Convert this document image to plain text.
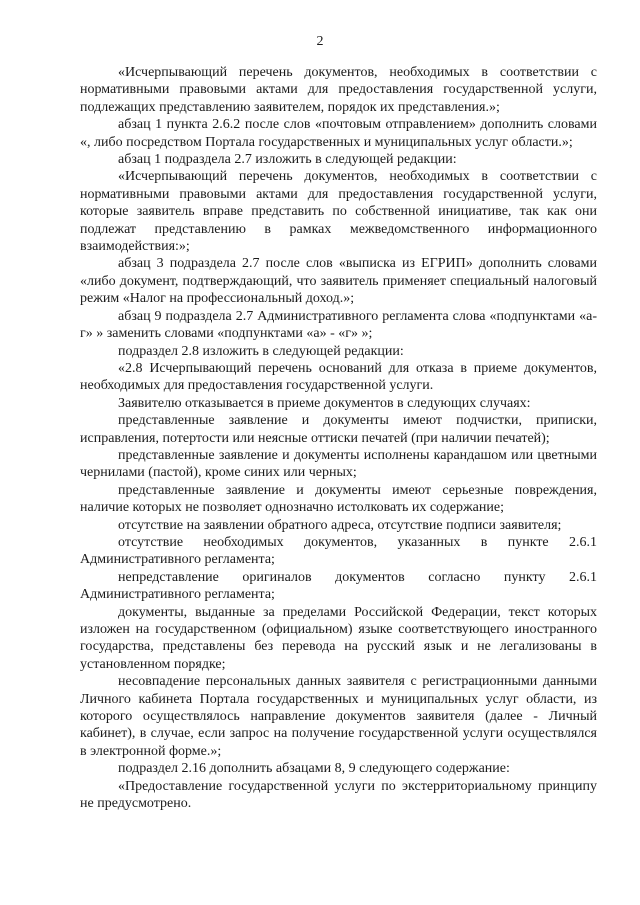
2

«Исчерпывающий перечень документов, необходимых в соответствии с нормативными правовыми актами для предоставления государственной услуги, подлежащих представлению заявителем, порядок их представления.»;

абзац 1 пункта 2.6.2 после слов «почтовым отправлением» дополнить словами «, либо посредством Портала государственных и муниципальных услуг области.»;

абзац 1 подраздела 2.7 изложить в следующей редакции:

«Исчерпывающий перечень документов, необходимых в соответствии с нормативными правовыми актами для предоставления государственной услуги, которые заявитель вправе представить по собственной инициативе, так как они подлежат представлению в рамках межведомственного информационного взаимодействия:»;

абзац 3 подраздела 2.7 после слов «выписка из ЕГРИП» дополнить словами «либо документ, подтверждающий, что заявитель применяет специальный налоговый режим «Налог на профессиональный доход.»;

абзац 9 подраздела 2.7 Административного регламента слова «подпунктами «а-г» » заменить словами «подпунктами «а» - «г» »;

подраздел 2.8 изложить в следующей редакции:

«2.8 Исчерпывающий перечень оснований для отказа в приеме документов, необходимых для предоставления государственной услуги.

Заявителю отказывается в приеме документов в следующих случаях:

представленные заявление и документы имеют подчистки, приписки, исправления, потертости или неясные оттиски печатей (при наличии печатей);

представленные заявление и документы исполнены карандашом или цветными чернилами (пастой), кроме синих или черных;

представленные заявление и документы имеют серьезные повреждения, наличие которых не позволяет однозначно истолковать их содержание;

отсутствие на заявлении обратного адреса, отсутствие подписи заявителя;

отсутствие необходимых документов, указанных в пункте 2.6.1 Административного регламента;

непредставление оригиналов документов согласно пункту 2.6.1 Административного регламента;

документы, выданные за пределами Российской Федерации, текст которых изложен на государственном (официальном) языке соответствующего иностранного государства, представлены без перевода на русский язык и не легализованы в установленном порядке;

несовпадение персональных данных заявителя с регистрационными данными Личного кабинета Портала государственных и муниципальных услуг области, из которого осуществлялось направление документов заявителя (далее - Личный кабинет), в случае, если запрос на получение государственной услуги осуществлялся в электронной форме.»;

подраздел 2.16 дополнить абзацами 8, 9 следующего содержание:

«Предоставление государственной услуги по экстерриториальному принципу не предусмотрено.
